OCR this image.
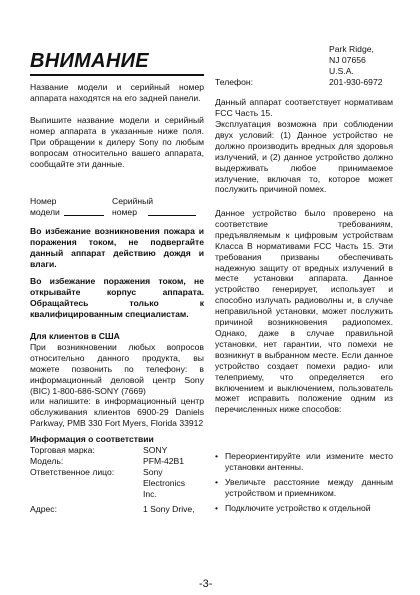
ВНИМАНИЕ

Название модели и серийный номер аппарата находятся на его задней панели.

Выпишите название модели и серийный номер аппарата в указанные ниже поля. При обращении к дилеру Sony по любым вопросам относительно вашего аппарата, сообщайте эти данные.

Номер
модели
Серийный
номер

Во избежание возникновения пожара и поражения током, не подвергайте данный аппарат действию дождя и влаги.

Во избежание поражения током, не открывайте корпус аппарата. Обращайтесь только к квалифицированным специалистам.

Для клиентов в США

При возникновении любых вопросов относительно данного продукта, вы можете позвонить по телефону: в информационный деловой центр Sony (BIC) 1-800-686-SONY (7669)

или напишите: в информационный центр обслуживания клиентов 6900-29 Daniels Parkway, PMB 330 Fort Myers, Florida 33912

Информация о соответствии

Торговая марка:	SONY
Модель:	PFM-42B1
Ответственное лицо:	Sony
Electronics
Inc.
Адрес:	1 Sony Drive,
Park Ridge,
NJ 07656
U.S.A.
Телефон:	201-930-6972

Данный аппарат соответствует нормативам FCC Часть 15.

Эксплуатация возможна при соблюдении двух условий: (1) Данное устройство не должно производить вредных для здоровья излучений, и (2) данное устройство должно выдерживать любое принимаемое излучение, включая то, которое может послужить причиной помех.

Данное устройство было проверено на соответствие требованиям, предъявляемым к цифровым устройствам Класса B нормативами FCC Часть 15. Эти требования призваны обеспечивать надежную защиту от вредных излучений в месте установки аппарата. Данное устройство генерирует, использует и способно излучать радиоволны и, в случае неправильной установки, может послужить причиной возникновения радиопомех. Однако, даже в случае правильной установки, нет гарантии, что помехи не возникнут в выбранном месте. Если данное устройство создает помехи радио- или телеприему, что определяется его включением и выключением, пользователь может исправить положение одним из перечисленных ниже способов:

• Переориентируйте или измените место установки антенны.
• Увеличьте расстояние между данным устройством и приемником.
• Подключите устройство к отдельной
-3-
